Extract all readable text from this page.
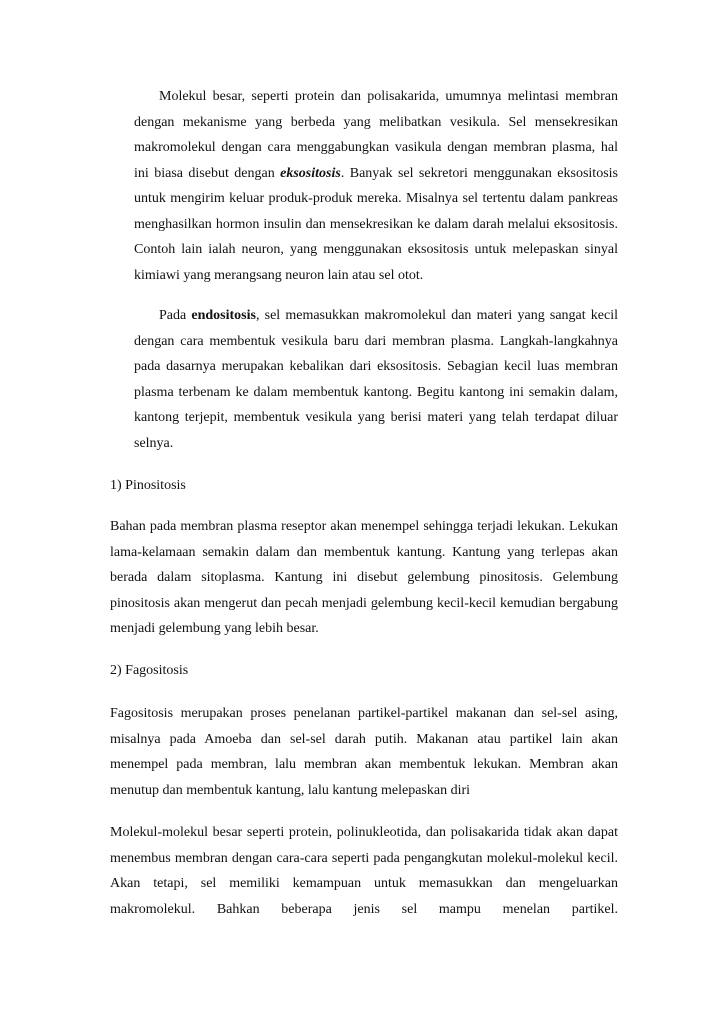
Molekul besar, seperti protein dan polisakarida, umumnya melintasi membran dengan mekanisme yang berbeda yang melibatkan vesikula. Sel mensekresikan makromolekul dengan cara menggabungkan vasikula dengan membran plasma, hal ini biasa disebut dengan eksositosis. Banyak sel sekretori menggunakan eksositosis untuk mengirim keluar produk-produk mereka. Misalnya sel tertentu dalam pankreas menghasilkan hormon insulin dan mensekresikan ke dalam darah melalui eksositosis. Contoh lain ialah neuron, yang menggunakan eksositosis untuk melepaskan sinyal kimiawi yang merangsang neuron lain atau sel otot.

Pada endositosis, sel memasukkan makromolekul dan materi yang sangat kecil dengan cara membentuk vesikula baru dari membran plasma. Langkah-langkahnya pada dasarnya merupakan kebalikan dari eksositosis. Sebagian kecil luas membran plasma terbenam ke dalam membentuk kantong. Begitu kantong ini semakin dalam, kantong terjepit, membentuk vesikula yang berisi materi yang telah terdapat diluar selnya.

1) Pinositosis

Bahan pada membran plasma reseptor akan menempel sehingga terjadi lekukan. Lekukan lama-kelamaan semakin dalam dan membentuk kantung. Kantung yang terlepas akan berada dalam sitoplasma. Kantung ini disebut gelembung pinositosis. Gelembung pinositosis akan mengerut dan pecah menjadi gelembung kecil-kecil kemudian bergabung menjadi gelembung yang lebih besar.

2) Fagositosis

Fagositosis merupakan proses penelanan partikel-partikel makanan dan sel-sel asing, misalnya pada Amoeba dan sel-sel darah putih. Makanan atau partikel lain akan menempel pada membran, lalu membran akan membentuk lekukan. Membran akan menutup dan membentuk kantung, lalu kantung melepaskan diri

Molekul-molekul besar seperti protein, polinukleotida, dan polisakarida tidak akan dapat menembus membran dengan cara-cara seperti pada pengangkutan molekul-molekul kecil. Akan tetapi, sel memiliki kemampuan untuk memasukkan dan mengeluarkan makromolekul. Bahkan beberapa jenis sel mampu menelan partikel.
